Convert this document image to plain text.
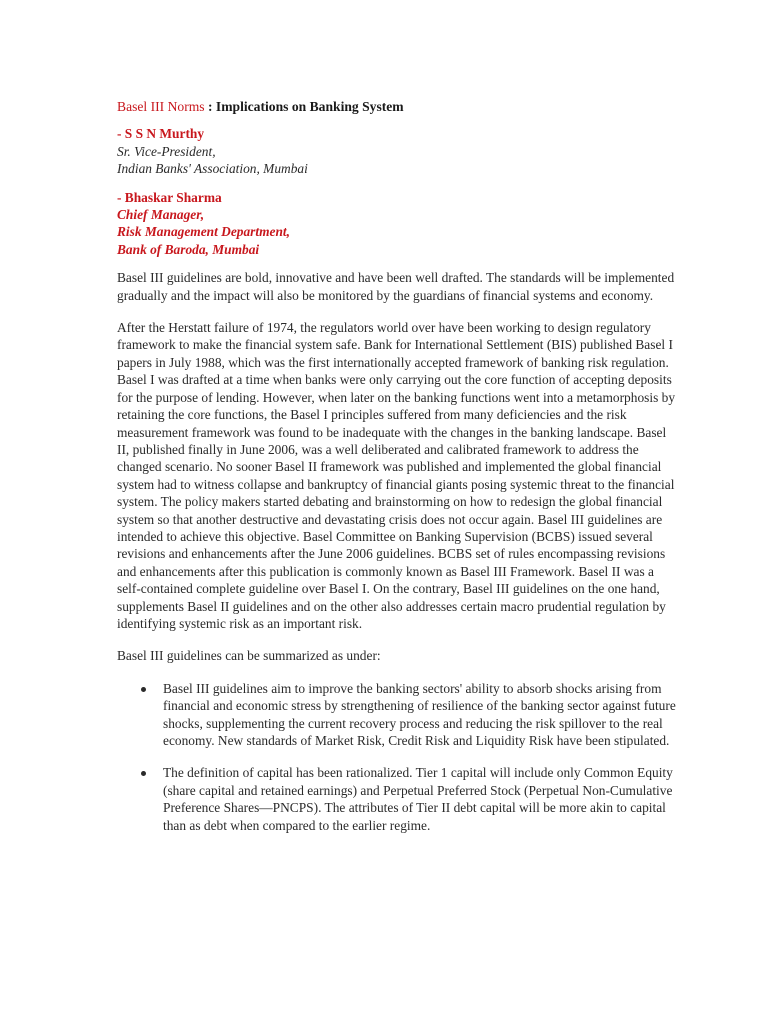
Basel III Norms : Implications on Banking System
- S S N Murthy
Sr. Vice-President,
Indian Banks' Association, Mumbai
- Bhaskar Sharma
Chief Manager,
Risk Management Department,
Bank of Baroda, Mumbai

Basel III guidelines are bold, innovative and have been well drafted. The standards will be implemented gradually and the impact will also be monitored by the guardians of financial systems and economy.

After the Herstatt failure of 1974, the regulators world over have been working to design regulatory framework to make the financial system safe. Bank for International Settlement (BIS) published Basel I papers in July 1988, which was the first internationally accepted framework of banking risk regulation. Basel I was drafted at a time when banks were only carrying out the core function of accepting deposits for the purpose of lending. However, when later on the banking functions went into a metamorphosis by retaining the core functions, the Basel I principles suffered from many deficiencies and the risk measurement framework was found to be inadequate with the changes in the banking landscape. Basel II, published finally in June 2006, was a well deliberated and calibrated framework to address the changed scenario. No sooner Basel II framework was published and implemented the global financial system had to witness collapse and bankruptcy of financial giants posing systemic threat to the financial system. The policy makers started debating and brainstorming on how to redesign the global financial system so that another destructive and devastating crisis does not occur again. Basel III guidelines are intended to achieve this objective. Basel Committee on Banking Supervision (BCBS) issued several revisions and enhancements after the June 2006 guidelines. BCBS set of rules encompassing revisions and enhancements after this publication is commonly known as Basel III Framework. Basel II was a self-contained complete guideline over Basel I. On the contrary, Basel III guidelines on the one hand, supplements Basel II guidelines and on the other also addresses certain macro prudential regulation by identifying systemic risk as an important risk.

Basel III guidelines can be summarized as under:

Basel III guidelines aim to improve the banking sectors' ability to absorb shocks arising from financial and economic stress by strengthening of resilience of the banking sector against future shocks, supplementing the current recovery process and reducing the risk spillover to the real economy. New standards of Market Risk, Credit Risk and Liquidity Risk have been stipulated.
The definition of capital has been rationalized. Tier 1 capital will include only Common Equity (share capital and retained earnings) and Perpetual Preferred Stock (Perpetual Non-Cumulative Preference Shares—PNCPS). The attributes of Tier II debt capital will be more akin to capital than as debt when compared to the earlier regime.
